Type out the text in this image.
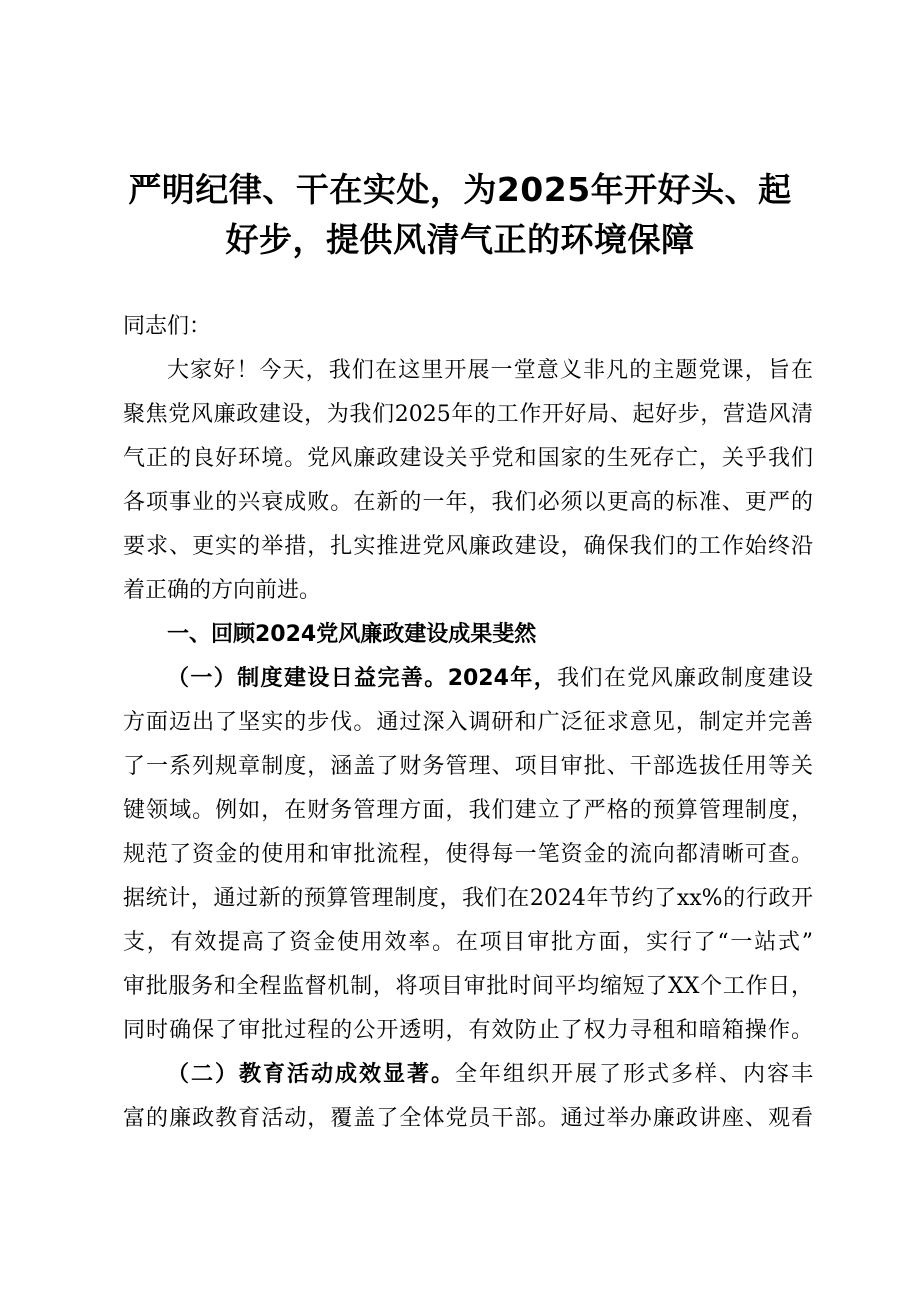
严明纪律、干在实处，为2025年开好头、起
好步，提供风清气正的环境保障
同志们：
大家好！今天，我们在这里开展一堂意义非凡的主题党课，旨在
聚焦党风廉政建设，为我们2025年的工作开好局、起好步，营造风清
气正的良好环境。党风廉政建设关乎党和国家的生死存亡，关乎我们
各项事业的兴衰成败。在新的一年，我们必须以更高的标准、更严的
要求、更实的举措，扎实推进党风廉政建设，确保我们的工作始终沿
着正确的方向前进。
一、回顾2024党风廉政建设成果斐然
（一）制度建设日益完善。2024年，我们在党风廉政制度建设
方面迈出了坚实的步伐。通过深入调研和广泛征求意见，制定并完善
了一系列规章制度，涵盖了财务管理、项目审批、干部选拔任用等关
键领域。例如，在财务管理方面，我们建立了严格的预算管理制度，
规范了资金的使用和审批流程，使得每一笔资金的流向都清晰可查。
据统计，通过新的预算管理制度，我们在2024年节约了xx%的行政开
支，有效提高了资金使用效率。在项目审批方面，实行了“一站式”
审批服务和全程监督机制，将项目审批时间平均缩短了XX个工作日，
同时确保了审批过程的公开透明，有效防止了权力寻租和暗箱操作。
（二）教育活动成效显著。全年组织开展了形式多样、内容丰
富的廉政教育活动，覆盖了全体党员干部。通过举办廉政讲座、观看
